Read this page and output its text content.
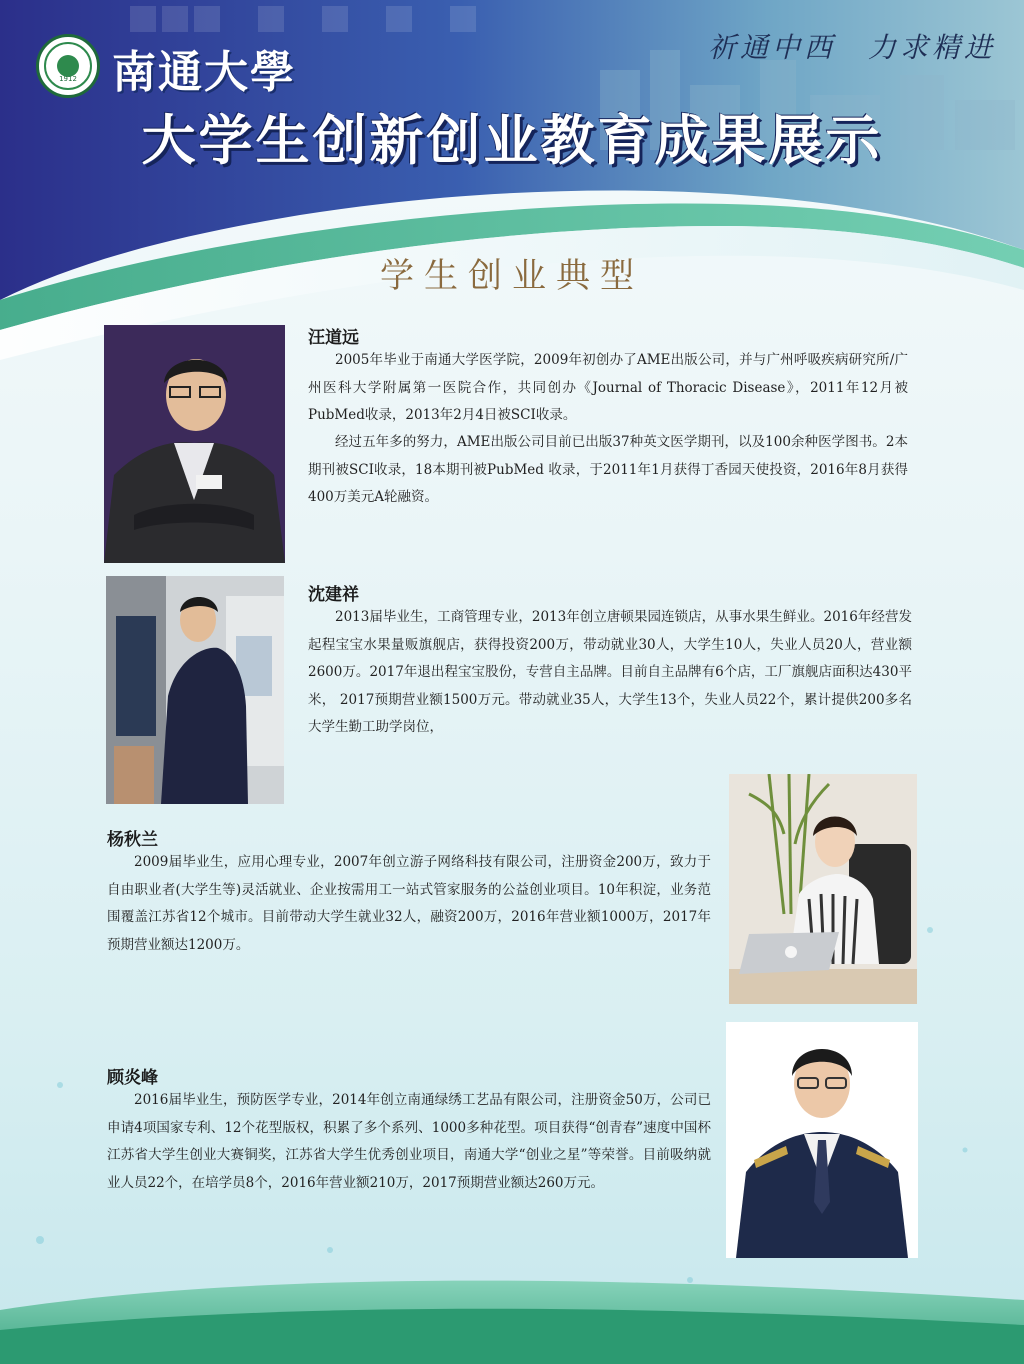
1912 南通大學	祈通中西　力求精进
大学生创新创业教育成果展示
学生创业典型
汪道远

2005年毕业于南通大学医学院，2009年初创办了AME出版公司，并与广州呼吸疾病研究所/广州医科大学附属第一医院合作，共同创办《Journal of Thoracic Disease》，2011年12月被PubMed收录，2013年2月4日被SCI收录。

经过五年多的努力，AME出版公司目前已出版37种英文医学期刊，以及100余种医学图书。2本期刊被SCI收录，18本期刊被PubMed 收录，于2011年1月获得丁香园天使投资，2016年8月获得400万美元A轮融资。

沈建祥

2013届毕业生，工商管理专业，2013年创立唐顿果园连锁店，从事水果生鲜业。2016年经营发起程宝宝水果量贩旗舰店，获得投资200万，带动就业30人，大学生10人，失业人员20人，营业额2600万。2017年退出程宝宝股份，专营自主品牌。目前自主品牌有6个店，工厂旗舰店面积达430平米， 2017预期营业额1500万元。带动就业35人，大学生13个，失业人员22个，累计提供200多名大学生勤工助学岗位，

杨秋兰

2009届毕业生，应用心理专业，2007年创立游子网络科技有限公司，注册资金200万，致力于自由职业者(大学生等)灵活就业、企业按需用工一站式管家服务的公益创业项目。10年积淀，业务范围覆盖江苏省12个城市。目前带动大学生就业32人，融资200万，2016年营业额1000万，2017年预期营业额达1200万。

顾炎峰

2016届毕业生，预防医学专业，2014年创立南通绿绣工艺品有限公司，注册资金50万，公司已申请4项国家专利、12个花型版权，积累了多个系列、1000多种花型。项目获得“创青春”速度中国杯江苏省大学生创业大赛铜奖，江苏省大学生优秀创业项目，南通大学“创业之星”等荣誉。目前吸纳就业人员22个，在培学员8个，2016年营业额210万，2017预期营业额达260万元。
